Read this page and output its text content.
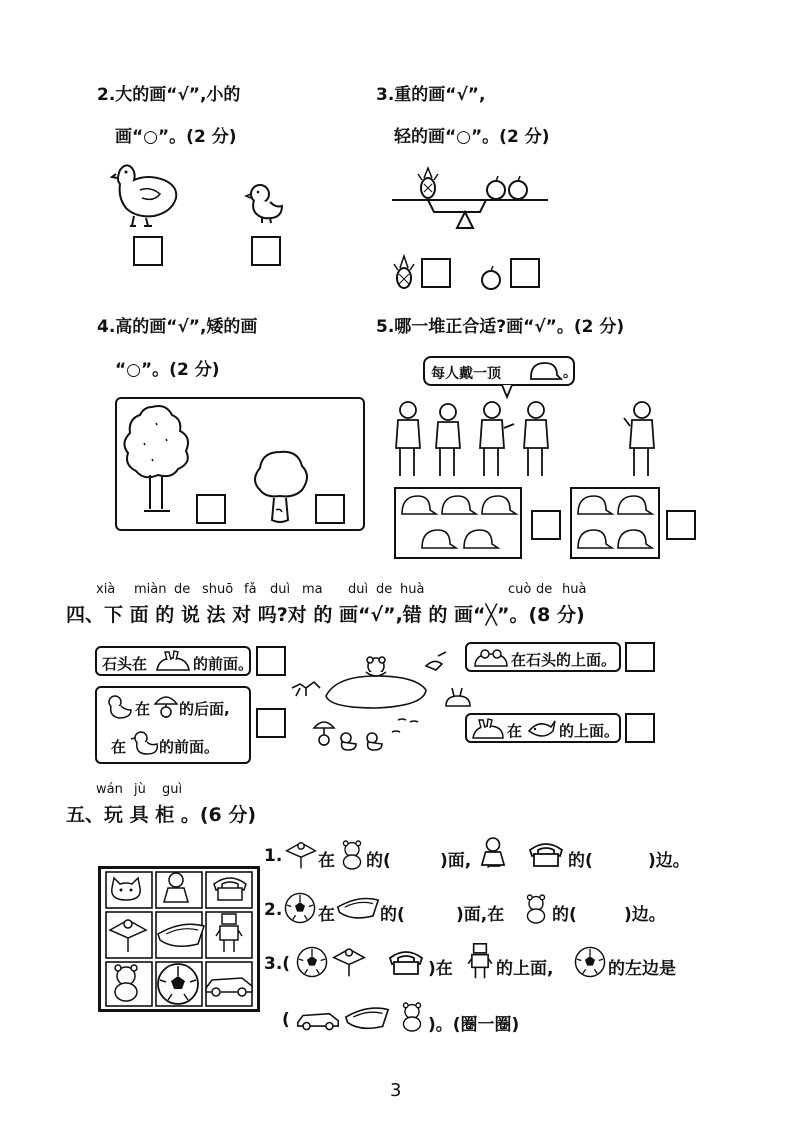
2.大的画“√”,小的
画“○”。(2 分)
3.重的画“√”,
轻的画“○”。(2 分)
4.高的画“√”,矮的画
“○”。(2 分)
5.哪一堆正合适?画“√”。(2 分)
每人戴一顶	。
xià miàn de shuō fǎ duì ma duì de huà	cuò de huà
四、下 面 的 说 法 对 吗?对 的 画“√”,错 的 画“╳”。(8 分)
石头在	的前面。
在 的后面,
在 的前面。
在石头的上面。
在 的上面。
wán jù guì
五、玩 具 柜 。(6 分)
1. 在 的(	)面,	的(	)边。
2. 在	的(	)面,在	的(	)边。
3.(	)在	的上面,	的左边是
(	)。(圈一圈)
3
